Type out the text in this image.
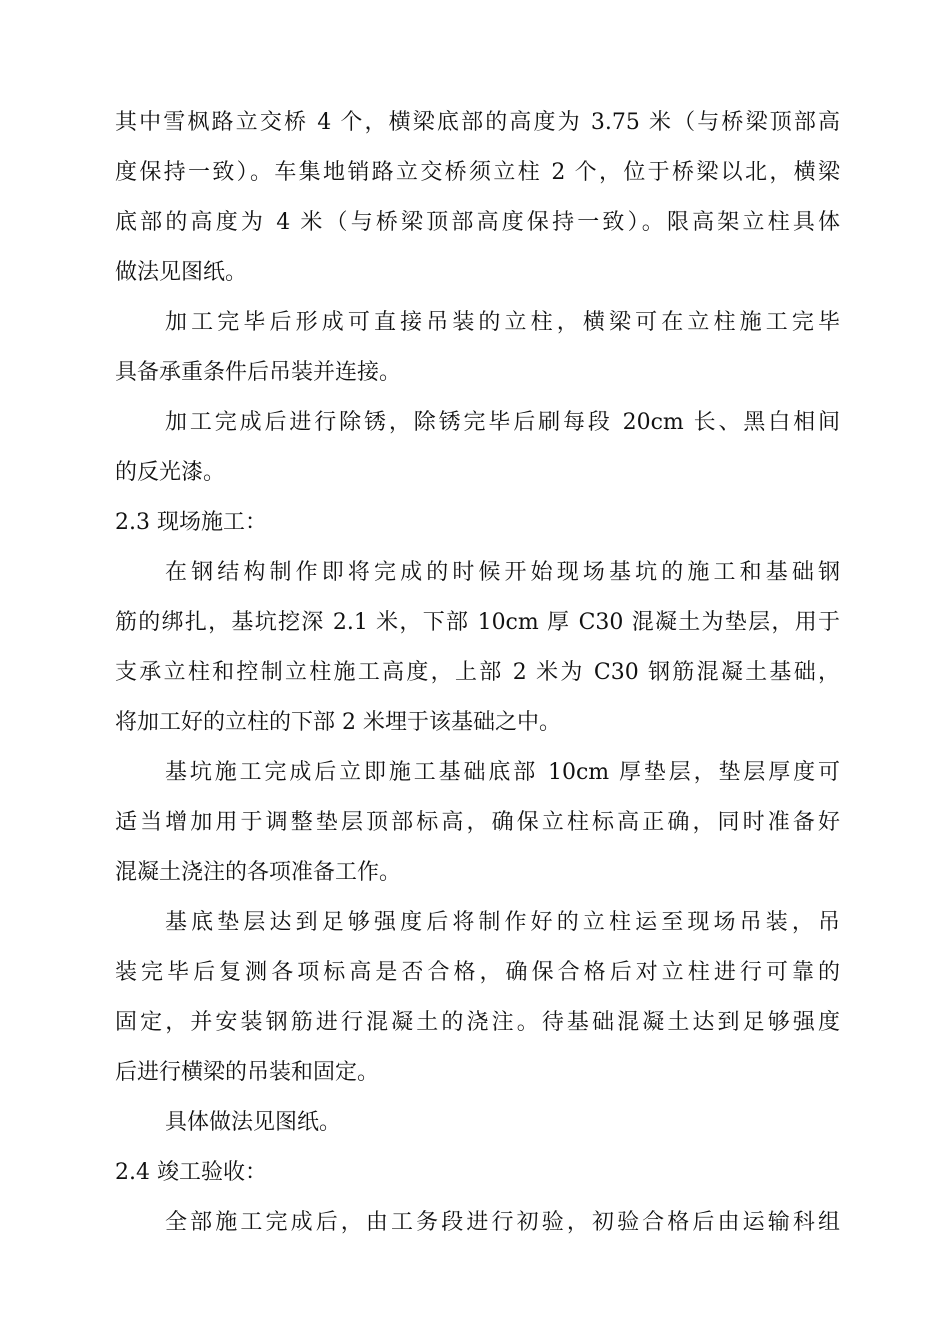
其中雪枫路立交桥 4 个，横梁底部的高度为 3.75 米（与桥梁顶部高
度保持一致）。车集地销路立交桥须立柱 2 个，位于桥梁以北，横梁
底部的高度为 4 米（与桥梁顶部高度保持一致）。限高架立柱具体
做法见图纸。
加工完毕后形成可直接吊装的立柱，横梁可在立柱施工完毕
具备承重条件后吊装并连接。
加工完成后进行除锈，除锈完毕后刷每段 20cm 长、黑白相间
的反光漆。
2.3 现场施工：
在钢结构制作即将完成的时候开始现场基坑的施工和基础钢
筋的绑扎，基坑挖深 2.1 米，下部 10cm 厚 C30 混凝土为垫层，用于
支承立柱和控制立柱施工高度，上部 2 米为 C30 钢筋混凝土基础，
将加工好的立柱的下部 2 米埋于该基础之中。
基坑施工完成后立即施工基础底部 10cm 厚垫层，垫层厚度可
适当增加用于调整垫层顶部标高，确保立柱标高正确，同时准备好
混凝土浇注的各项准备工作。
基底垫层达到足够强度后将制作好的立柱运至现场吊装，吊
装完毕后复测各项标高是否合格，确保合格后对立柱进行可靠的
固定，并安装钢筋进行混凝土的浇注。待基础混凝土达到足够强度
后进行横梁的吊装和固定。
具体做法见图纸。
2.4 竣工验收：
全部施工完成后，由工务段进行初验，初验合格后由运输科组
